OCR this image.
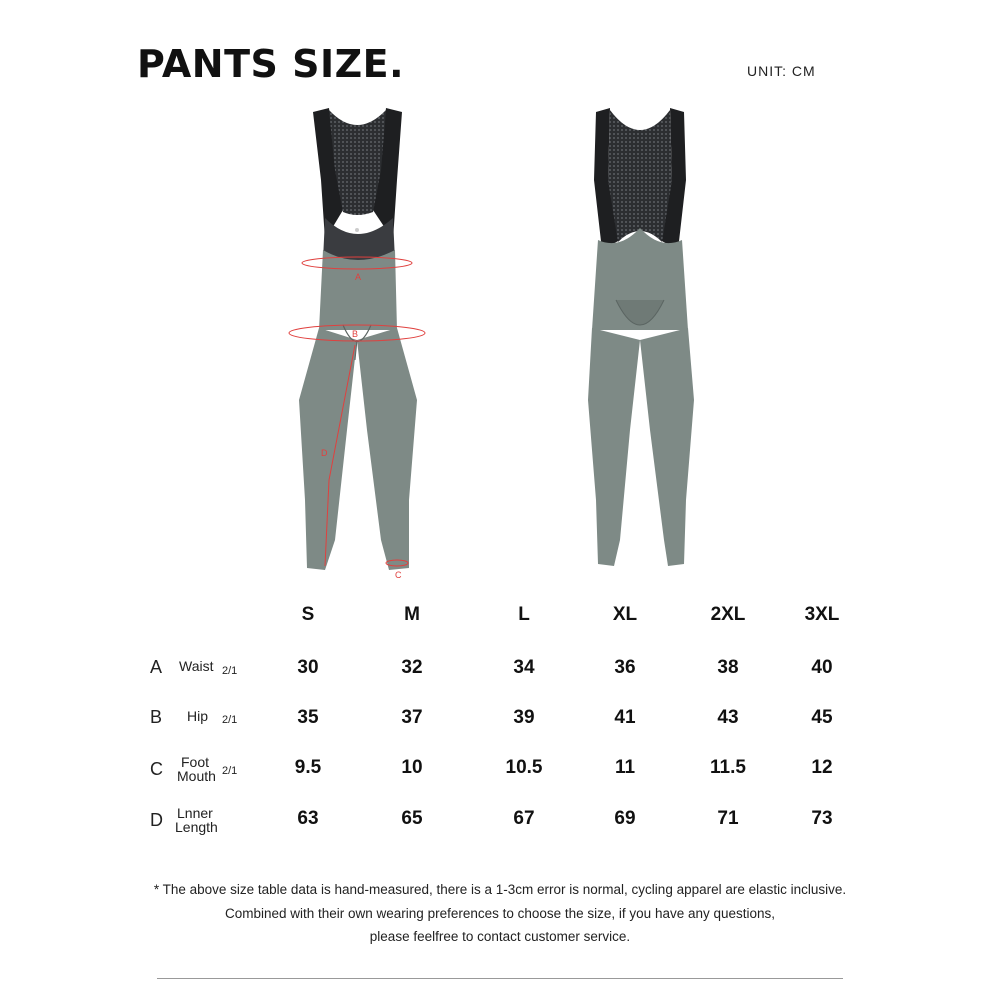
PANTS SIZE.	UNIT: CM
A
B
C
D
S	M	L	XL	2XL	3XL
A Waist 2/1	30	32	34	36	38	40
B Hip 2/1	35	37	39	41	43	45
C Foot
Mouth 2/1	9.5	10	10.5	11	11.5	12
D Lnner
Length	63	65	67	69	71	73
* The above size table data is hand-measured, there is a 1-3cm error is normal, cycling apparel are elastic inclusive.
Combined with their own wearing preferences to choose the size, if you have any questions,
please feelfree to contact customer service.
